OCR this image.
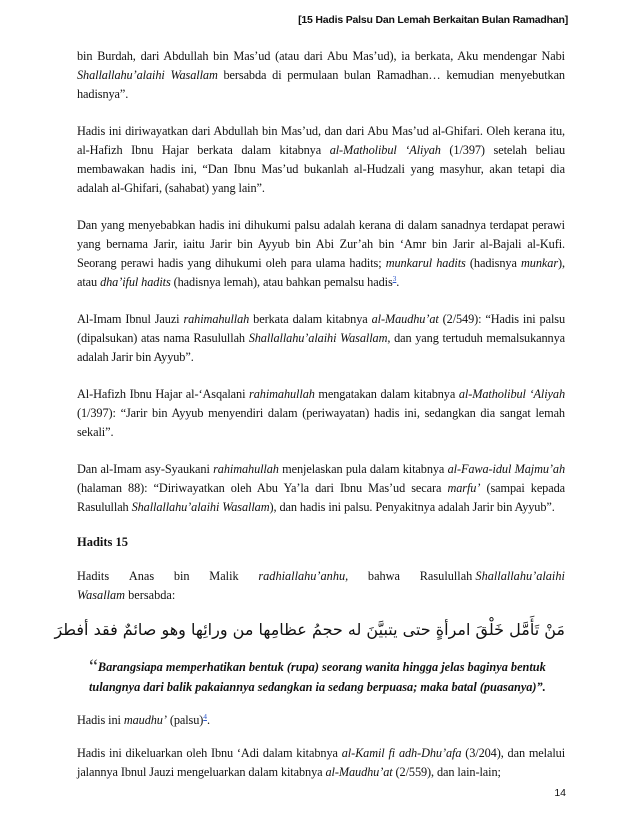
[15 Hadis Palsu Dan Lemah Berkaitan Bulan Ramadhan]

bin Burdah, dari Abdullah bin Mas’ud (atau dari Abu Mas’ud), ia berkata, Aku mendengar Nabi Shallallahu’alaihi Wasallam bersabda di permulaan bulan Ramadhan… kemudian menyebutkan hadisnya”.

Hadis ini diriwayatkan dari Abdullah bin Mas’ud, dan dari Abu Mas’ud al-Ghifari. Oleh kerana itu, al-Hafizh Ibnu Hajar berkata dalam kitabnya al-Matholibul ‘Aliyah (1/397) setelah beliau membawakan hadis ini, “Dan Ibnu Mas’ud bukanlah al-Hudzali yang masyhur, akan tetapi dia adalah al-Ghifari, (sahabat) yang lain”.

Dan yang menyebabkan hadis ini dihukumi palsu adalah kerana di dalam sanadnya terdapat perawi yang bernama Jarir, iaitu Jarir bin Ayyub bin Abi Zur’ah bin ‘Amr bin Jarir al-Bajali al-Kufi. Seorang perawi hadis yang dihukumi oleh para ulama hadits; munkarul hadits (hadisnya munkar), atau dha’iful hadits (hadisnya lemah), atau bahkan pemalsu hadis$^3$.

Al-Imam Ibnul Jauzi rahimahullah berkata dalam kitabnya al-Maudhu’at (2/549): “Hadis ini palsu (dipalsukan) atas nama Rasulullah Shallallahu’alaihi Wasallam, dan yang tertuduh memalsukannya adalah Jarir bin Ayyub”.

Al-Hafizh Ibnu Hajar al-‘Asqalani rahimahullah mengatakan dalam kitabnya al-Matholibul ‘Aliyah (1/397): “Jarir bin Ayyub menyendiri dalam (periwayatan) hadis ini, sedangkan dia sangat lemah sekali”.

Dan al-Imam asy-Syaukani rahimahullah menjelaskan pula dalam kitabnya al-Fawa-idul Majmu’ah (halaman 88): “Diriwayatkan oleh Abu Ya’la dari Ibnu Mas’ud secara marfu’ (sampai kepada Rasulullah Shallallahu’alaihi Wasallam), dan hadis ini palsu. Penyakitnya adalah Jarir bin Ayyub”.

Hadits 15
Hadits Anas bin Malik radhiallahu’anhu, bahwa Rasulullah Shallallahu’alaihi
Wasallam bersabda:
مَنْ تَأَمَّل خَلْقَ امرأةٍ حتى يتبيَّنَ له حجمُ عظامِها من ورائِها وهو صائمٌ فقد أفطرَ
“Barangsiapa memperhatikan bentuk (rupa) seorang wanita hingga jelas baginya bentuk tulangnya dari balik pakaiannya sedangkan ia sedang berpuasa; maka batal (puasanya)”.

Hadis ini maudhu’ (palsu)$^4$.

Hadis ini dikeluarkan oleh Ibnu ‘Adi dalam kitabnya al-Kamil fi adh-Dhu’afa (3/204), dan melalui jalannya Ibnul Jauzi mengeluarkan dalam kitabnya al-Maudhu’at (2/559), dan lain-lain;

14
